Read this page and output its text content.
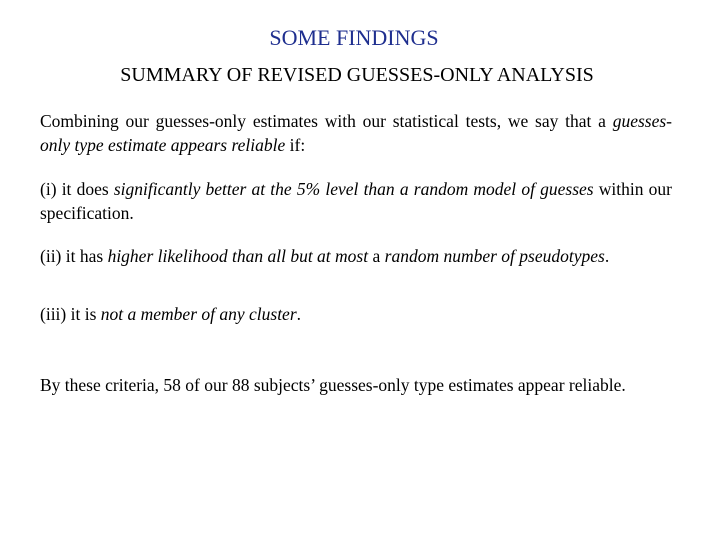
SOME FINDINGS
SUMMARY OF REVISED GUESSES-ONLY ANALYSIS
Combining our guesses-only estimates with our statistical tests, we say that a guesses-only type estimate appears reliable if:
(i) it does significantly better at the 5% level than a random model of guesses within our specification.
(ii) it has higher likelihood than all but at most a random number of pseudotypes.
(iii) it is not a member of any cluster.
By these criteria, 58 of our 88 subjects’ guesses-only type estimates appear reliable.
